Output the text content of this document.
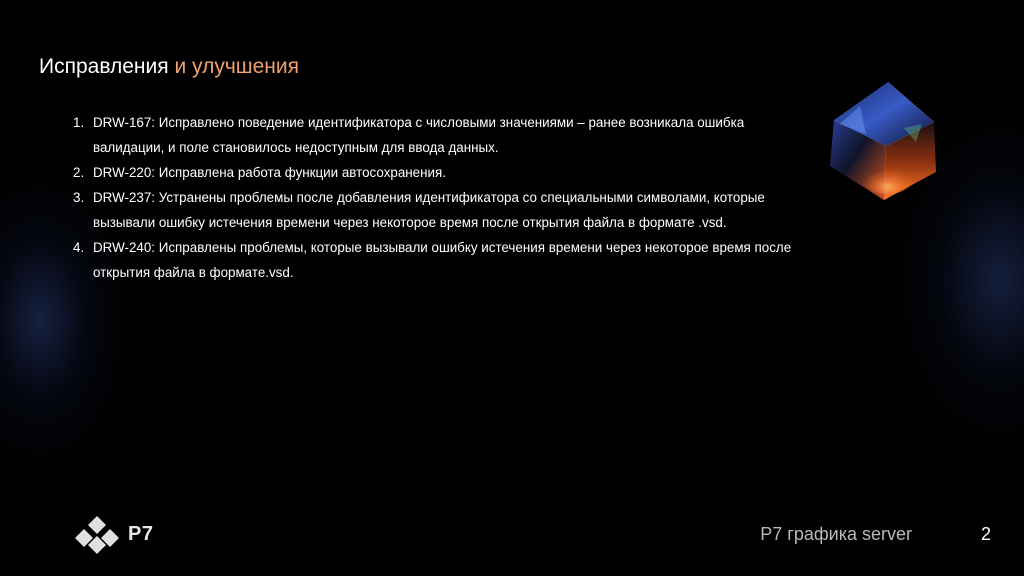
Исправления и улучшения
1. DRW-167: Исправлено поведение идентификатора с числовыми значениями – ранее возникала ошибка
валидации, и поле становилось недоступным для ввода данных.
2. DRW-220: Исправлена работа функции автосохранения.
3. DRW-237: Устранены проблемы после добавления идентификатора со специальными символами, которые
вызывали ошибку истечения времени через некоторое время после открытия файла в формате .vsd.
4. DRW-240: Исправлены проблемы, которые вызывали ошибку истечения времени через некоторое время после
открытия файла в формате.vsd.
Р7	Р7 графика server	2
